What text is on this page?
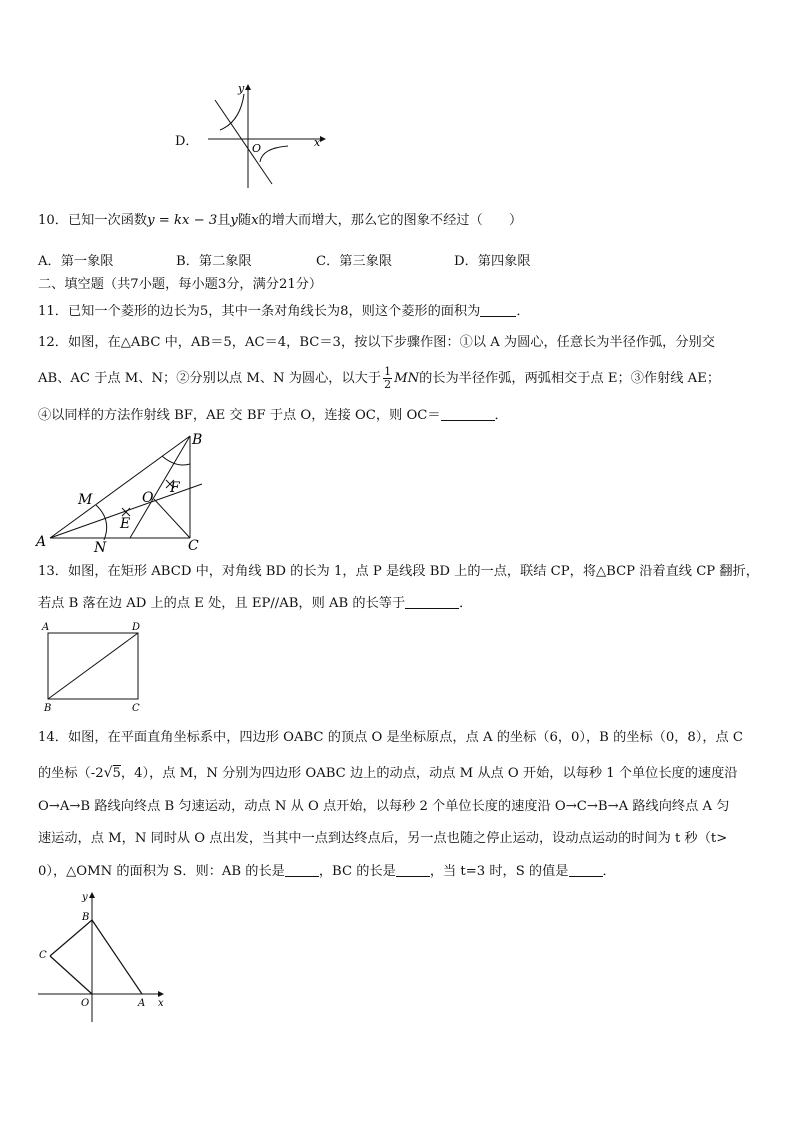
D．
y
x
O
10．已知一次函数y = kx − 3且y随x的增大而增大，那么它的图象不经过（　　）
A．第一象限	B．第二象限	C．第三象限	D．第四象限
二、填空题（共7小题，每小题3分，满分21分）
11．已知一个菱形的边长为5，其中一条对角线长为8，则这个菱形的面积为	．
12．如图，在△ABC 中，AB＝5，AC＝4，BC＝3，按以下步骤作图：①以 A 为圆心，任意长为半径作弧，分别交
AB、AC 于点 M、N；②分别以点 M、N 为圆心，以大于 $\frac{1}{2}$ MN的长为半径作弧，两弧相交于点 E；③作射线 AE；
④以同样的方法作射线 BF，AE 交 BF 于点 O，连接 OC，则 OC＝	．
A
B
C
M
N
E
F
O
13．如图，在矩形 ABCD 中，对角线 BD 的长为 1，点 P 是线段 BD 上的一点，联结 CP，将△BCP 沿着直线 CP 翻折，
若点 B 落在边 AD 上的点 E 处，且 EP//AB，则 AB 的长等于	．
A	D
B	C
14．如图，在平面直角坐标系中，四边形 OABC 的顶点 O 是坐标原点，点 A 的坐标（6，0），B 的坐标（0，8），点 C
的坐标（-2√5，4），点 M，N 分别为四边形 OABC 边上的动点，动点 M 从点 O 开始，以每秒 1 个单位长度的速度沿
O→A→B 路线向终点 B 匀速运动，动点 N 从 O 点开始，以每秒 2 个单位长度的速度沿 O→C→B→A 路线向终点 A 匀
速运动，点 M，N 同时从 O 点出发，当其中一点到达终点后，另一点也随之停止运动，设动点运动的时间为 t 秒（t>
0），△OMN 的面积为 S．则：AB 的长是	，BC 的长是	，当 t=3 时，S 的值是	．
y
B
C
O	A x
